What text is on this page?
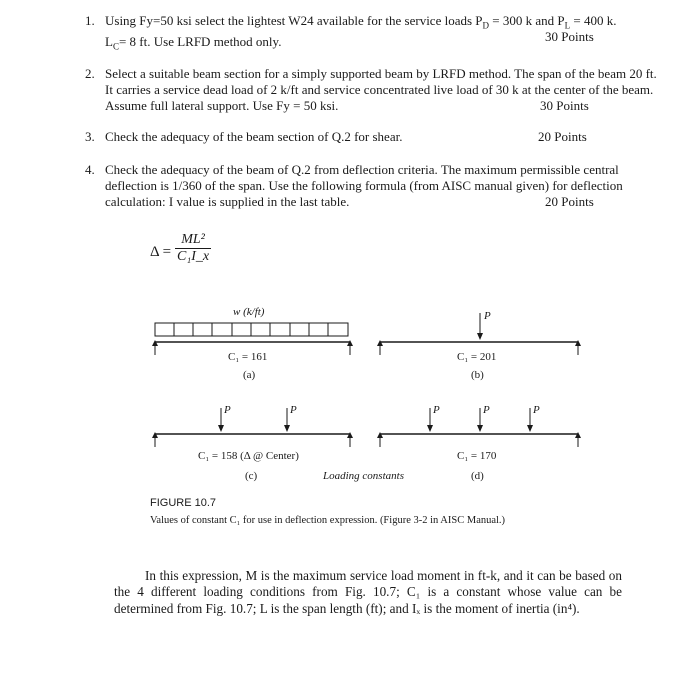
1. Using Fy=50 ksi select the lightest W24 available for the service loads $P_D = 300$ k and $P_L = 400$ k.
$L_C= 8$ ft. Use LRFD method only.	30 Points
2. Select a suitable beam section for a simply supported beam by LRFD method. The span of the beam 20 ft. It carries a service dead load of 2 k/ft and service concentrated live load of 30 k at the center of the beam. Assume full lateral support. Use Fy = 50 ksi.	30 Points
3. Check the adequacy of the beam section of Q.2 for shear.	20 Points
4. Check the adequacy of the beam of Q.2 from deflection criteria. The maximum permissible central deflection is 1/360 of the span. Use the following formula (from AISC manual given) for deflection calculation: I value is supplied in the last table.	20 Points
$\Delta = \frac{\text{ML²}}{\text{C₁I\_x}}$
w (k/ft)
C₁ = 161
(a)
P
C₁ = 201
(b)
P	P
C₁ = 158 (Δ @ Center)
(c)	Loading constants
P	P	P
C₁ = 170
(d)
FIGURE 10.7
Values of constant C₁ for use in deflection expression. (Figure 3-2 in AISC Manual.)
In this expression, M is the maximum service load moment in ft-k, and it can be based on the 4 different loading conditions from Fig. 10.7; C₁ is a constant whose value can be determined from Fig. 10.7; L is the span length (ft); and Iₓ is the moment of inertia (in⁴).
